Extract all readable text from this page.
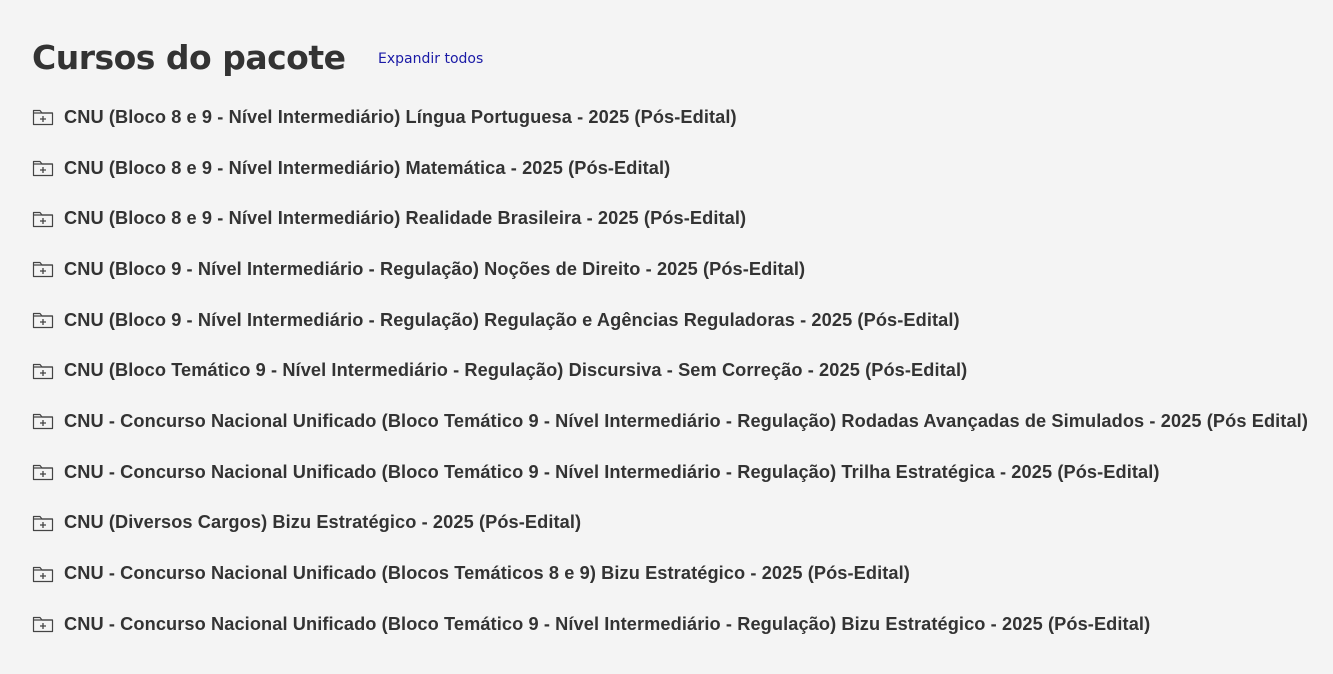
Cursos do pacote Expandir todos
CNU (Bloco 8 e 9 - Nível Intermediário) Língua Portuguesa - 2025 (Pós-Edital)
CNU (Bloco 8 e 9 - Nível Intermediário) Matemática - 2025 (Pós-Edital)
CNU (Bloco 8 e 9 - Nível Intermediário) Realidade Brasileira - 2025 (Pós-Edital)
CNU (Bloco 9 - Nível Intermediário - Regulação) Noções de Direito - 2025 (Pós-Edital)
CNU (Bloco 9 - Nível Intermediário - Regulação) Regulação e Agências Reguladoras - 2025 (Pós-Edital)
CNU (Bloco Temático 9 - Nível Intermediário - Regulação) Discursiva - Sem Correção - 2025 (Pós-Edital)
CNU - Concurso Nacional Unificado (Bloco Temático 9 - Nível Intermediário - Regulação) Rodadas Avançadas de Simulados - 2025 (Pós Edital)
CNU - Concurso Nacional Unificado (Bloco Temático 9 - Nível Intermediário - Regulação) Trilha Estratégica - 2025 (Pós-Edital)
CNU (Diversos Cargos) Bizu Estratégico - 2025 (Pós-Edital)
CNU - Concurso Nacional Unificado (Blocos Temáticos 8 e 9) Bizu Estratégico - 2025 (Pós-Edital)
CNU - Concurso Nacional Unificado (Bloco Temático 9 - Nível Intermediário - Regulação) Bizu Estratégico - 2025 (Pós-Edital)
